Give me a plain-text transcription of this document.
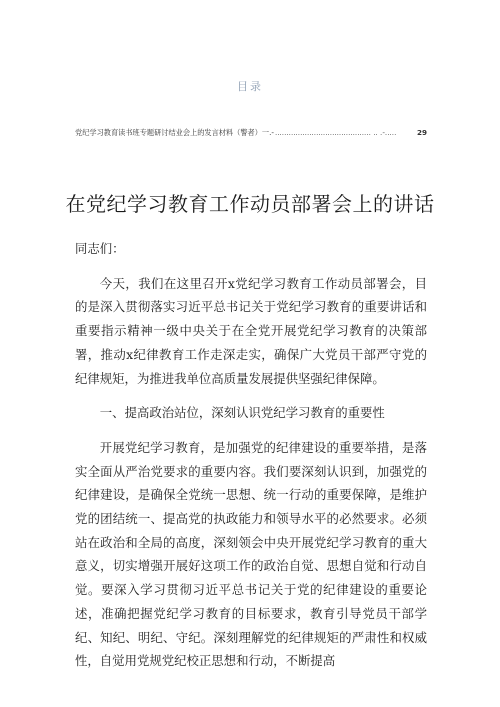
目录
党纪学习教育读书班专题研讨结业会上的发言材料（警者）一.- .......................................... .. .-.....	29
在党纪学习教育工作动员部署会上的讲话

同志们：

今天，我们在这里召开x党纪学习教育工作动员部署会，目的是深入贯彻落实习近平总书记关于党纪学习教育的重要讲话和重要指示精神一级中央关于在全党开展党纪学习教育的决策部署，推动x纪律教育工作走深走实，确保广大党员干部严守党的纪律规矩，为推进我单位高质量发展提供坚强纪律保障。

一、提高政治站位，深刻认识党纪学习教育的重要性

开展党纪学习教育，是加强党的纪律建设的重要举措，是落实全面从严治党要求的重要内容。我们要深刻认识到，加强党的纪律建设，是确保全党统一思想、统一行动的重要保障，是维护党的团结统一、提高党的执政能力和领导水平的必然要求。必须站在政治和全局的高度，深刻领会中央开展党纪学习教育的重大意义，切实增强开展好这项工作的政治自觉、思想自觉和行动自觉。要深入学习贯彻习近平总书记关于党的纪律建设的重要论述，准确把握党纪学习教育的目标要求，教育引导党员干部学纪、知纪、明纪、守纪。深刻理解党的纪律规矩的严肃性和权威性，自觉用党规党纪校正思想和行动，不断提高
